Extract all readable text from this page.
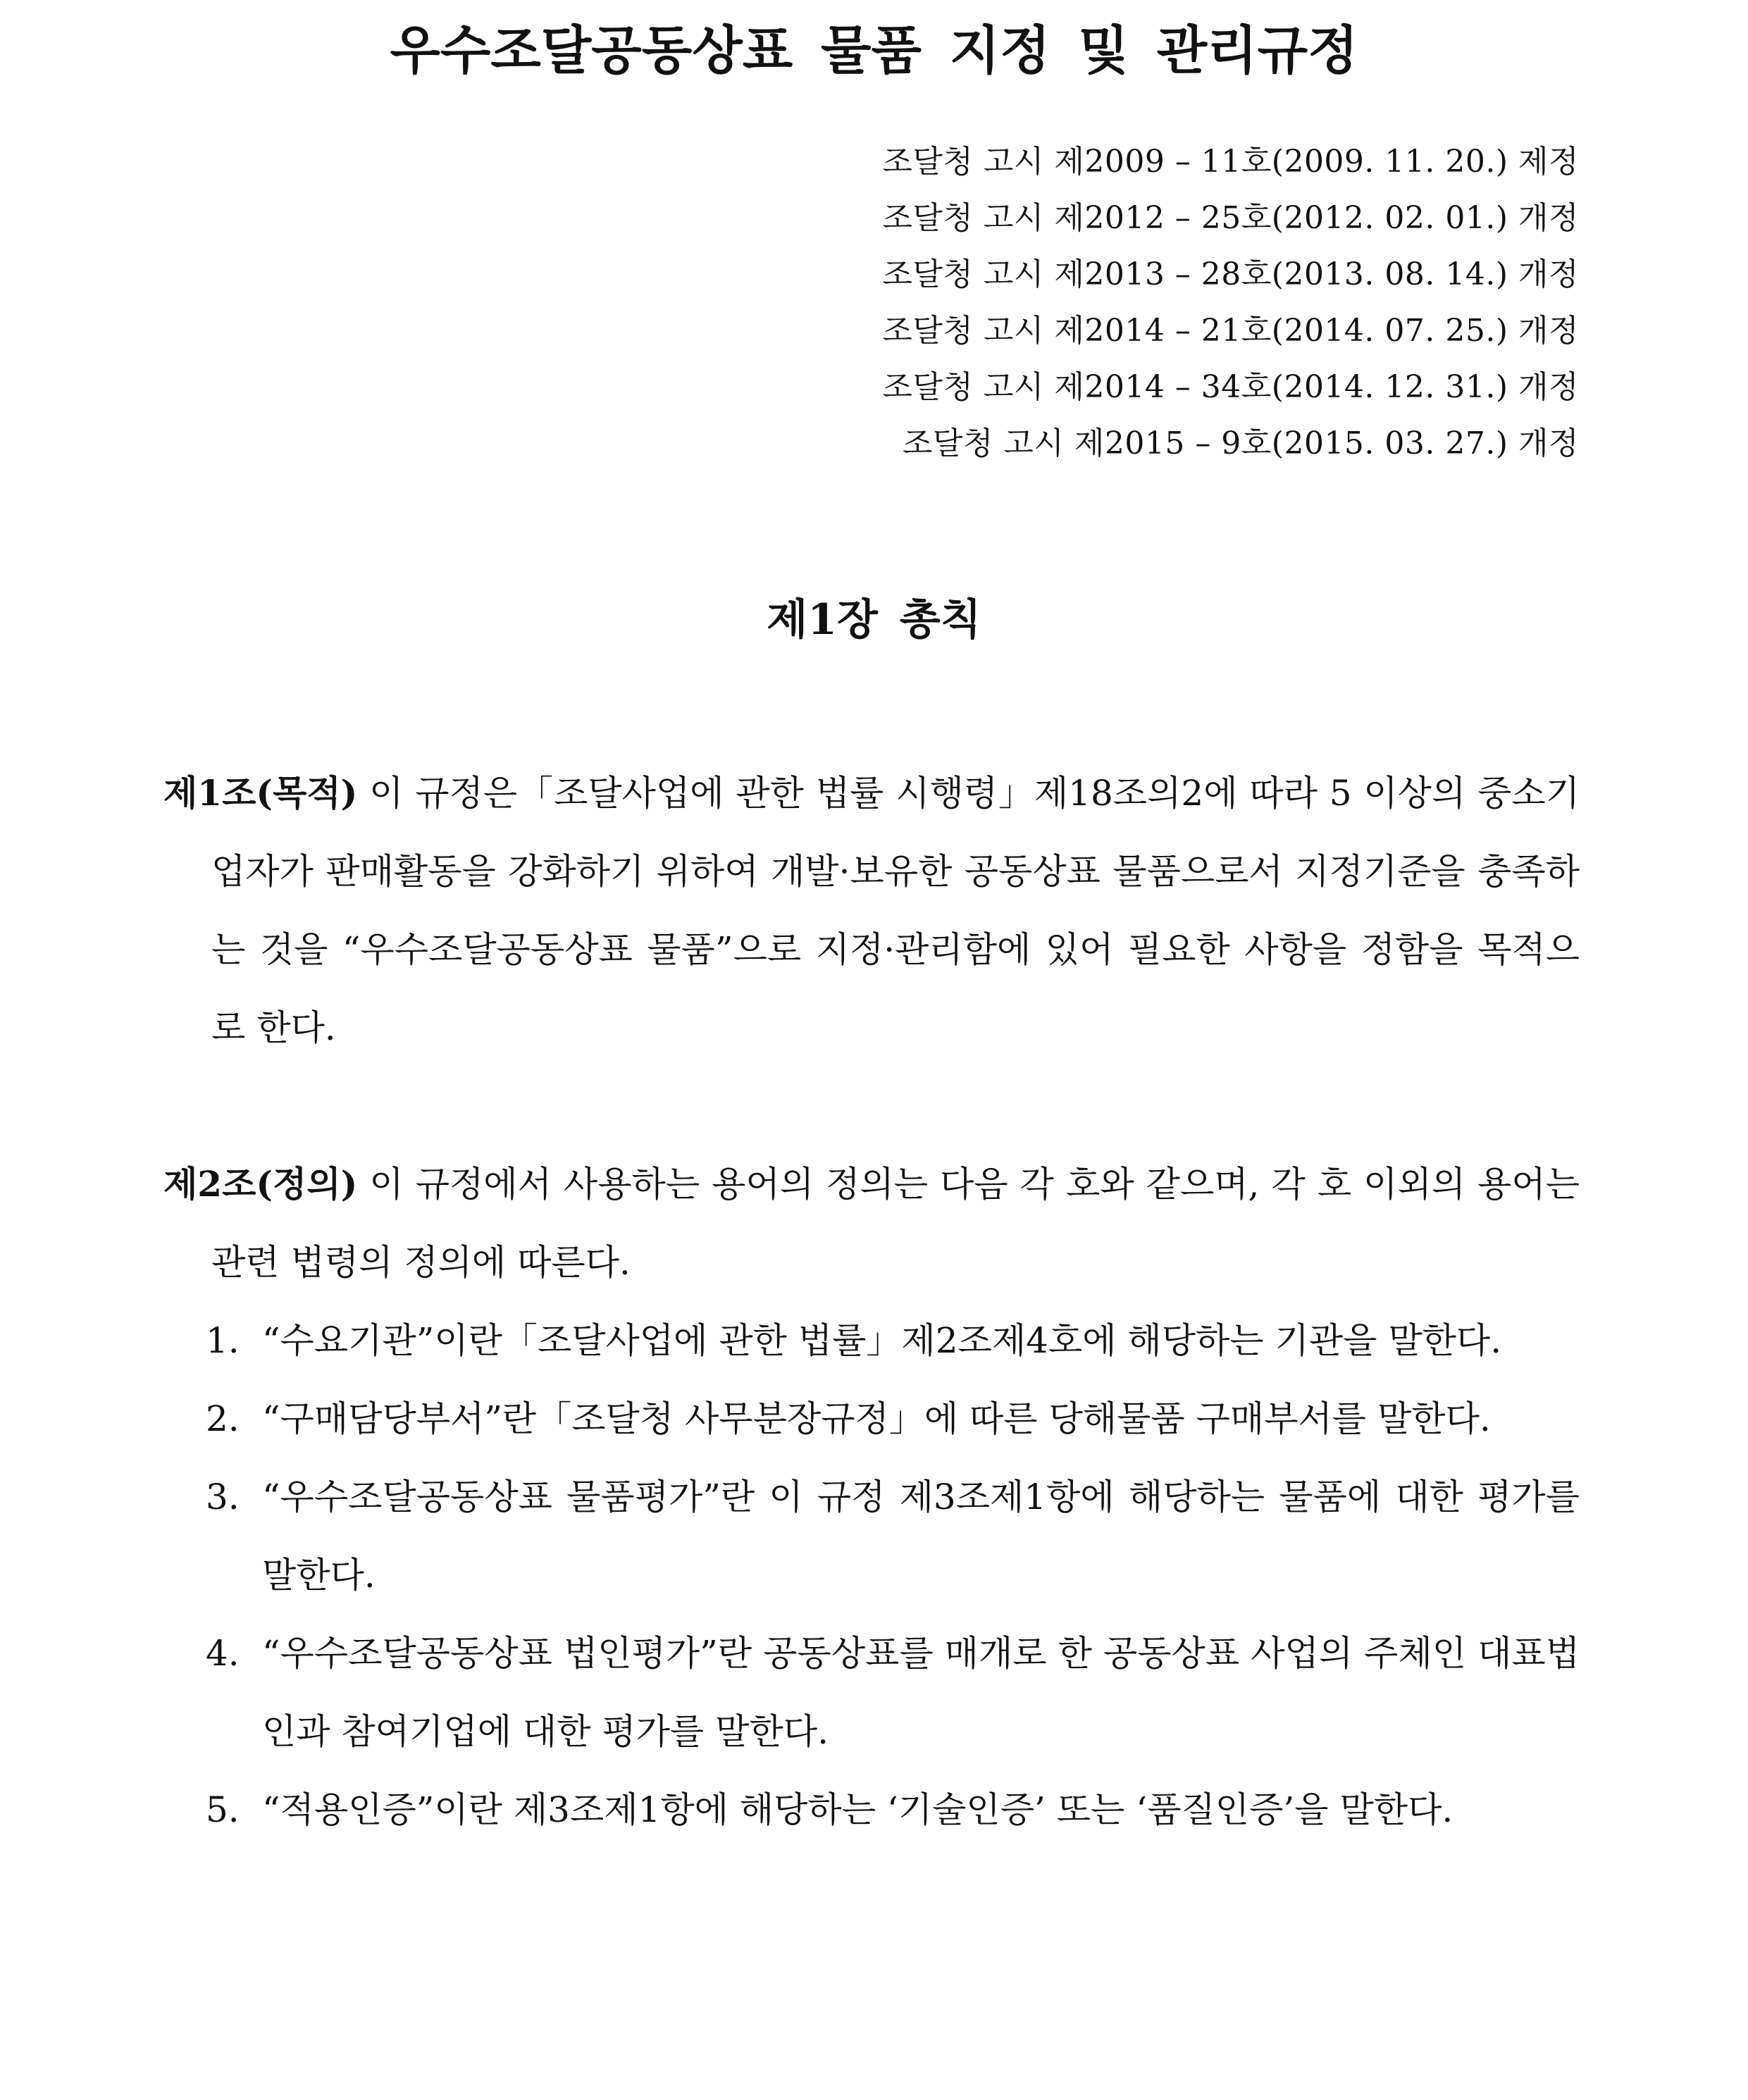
우수조달공동상표 물품 지정 및 관리규정
조달청 고시 제2009 – 11호(2009. 11. 20.) 제정
조달청 고시 제2012 – 25호(2012. 02. 01.) 개정
조달청 고시 제2013 – 28호(2013. 08. 14.) 개정
조달청 고시 제2014 – 21호(2014. 07. 25.) 개정
조달청 고시 제2014 – 34호(2014. 12. 31.) 개정
조달청 고시 제2015 – 9호(2015. 03. 27.) 개정
제1장 총칙

제1조(목적) 이 규정은「조달사업에 관한 법률 시행령」제18조의2에 따라 5 이상의 중소기업자가 판매활동을 강화하기 위하여 개발·보유한 공동상표 물품으로서 지정기준을 충족하는 것을 “우수조달공동상표 물품”으로 지정·관리함에 있어 필요한 사항을 정함을 목적으로 한다.

제2조(정의) 이 규정에서 사용하는 용어의 정의는 다음 각 호와 같으며, 각 호 이외의 용어는 관련 법령의 정의에 따른다.

1. “수요기관”이란「조달사업에 관한 법률」제2조제4호에 해당하는 기관을 말한다.
2. “구매담당부서”란「조달청 사무분장규정」에 따른 당해물품 구매부서를 말한다.
3. “우수조달공동상표 물품평가”란 이 규정 제3조제1항에 해당하는 물품에 대한 평가를 말한다.
4. “우수조달공동상표 법인평가”란 공동상표를 매개로 한 공동상표 사업의 주체인 대표법인과 참여기업에 대한 평가를 말한다.
5. “적용인증”이란 제3조제1항에 해당하는 ‘기술인증’ 또는 ‘품질인증’을 말한다.
